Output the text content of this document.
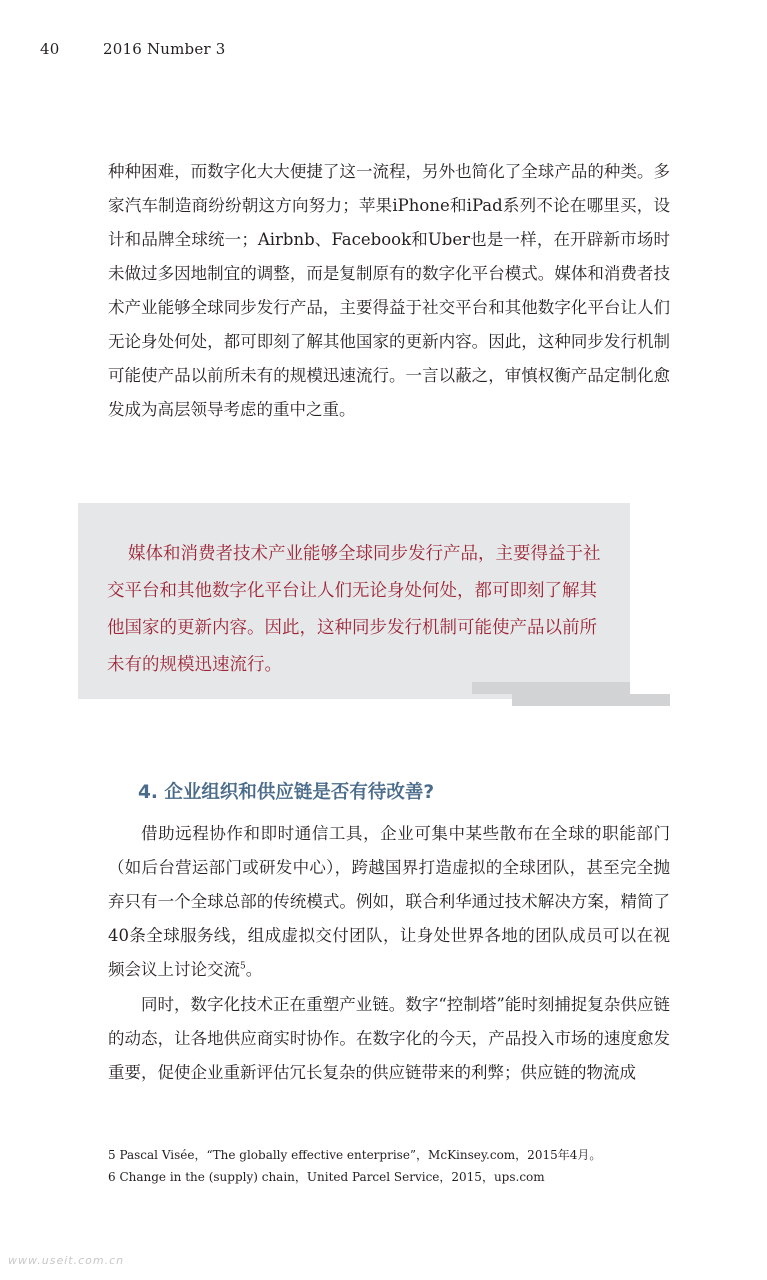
40	2016 Number 3

种种困难，而数字化大大便捷了这一流程，另外也简化了全球产品的种类。多家汽车制造商纷纷朝这方向努力；苹果iPhone和iPad系列不论在哪里买，设计和品牌全球统一；Airbnb、Facebook和Uber也是一样，在开辟新市场时未做过多因地制宜的调整，而是复制原有的数字化平台模式。媒体和消费者技术产业能够全球同步发行产品，主要得益于社交平台和其他数字化平台让人们无论身处何处，都可即刻了解其他国家的更新内容。因此，这种同步发行机制可能使产品以前所未有的规模迅速流行。一言以蔽之，审慎权衡产品定制化愈发成为高层领导考虑的重中之重。

媒体和消费者技术产业能够全球同步发行产品，主要得益于社交平台和其他数字化平台让人们无论身处何处，都可即刻了解其他国家的更新内容。因此，这种同步发行机制可能使产品以前所未有的规模迅速流行。

4. 企业组织和供应链是否有待改善?

借助远程协作和即时通信工具，企业可集中某些散布在全球的职能部门（如后台营运部门或研发中心），跨越国界打造虚拟的全球团队，甚至完全抛弃只有一个全球总部的传统模式。例如，联合利华通过技术解决方案，精简了40条全球服务线，组成虚拟交付团队，让身处世界各地的团队成员可以在视频会议上讨论交流$^5$。

同时，数字化技术正在重塑产业链。数字“控制塔”能时刻捕捉复杂供应链的动态，让各地供应商实时协作。在数字化的今天，产品投入市场的速度愈发重要，促使企业重新评估冗长复杂的供应链带来的利弊；供应链的物流成

5 Pascal Visée，“The globally effective enterprise”，McKinsey.com，2015年4月。
6 Change in the (supply) chain，United Parcel Service，2015，ups.com
www.useit.com.cn
